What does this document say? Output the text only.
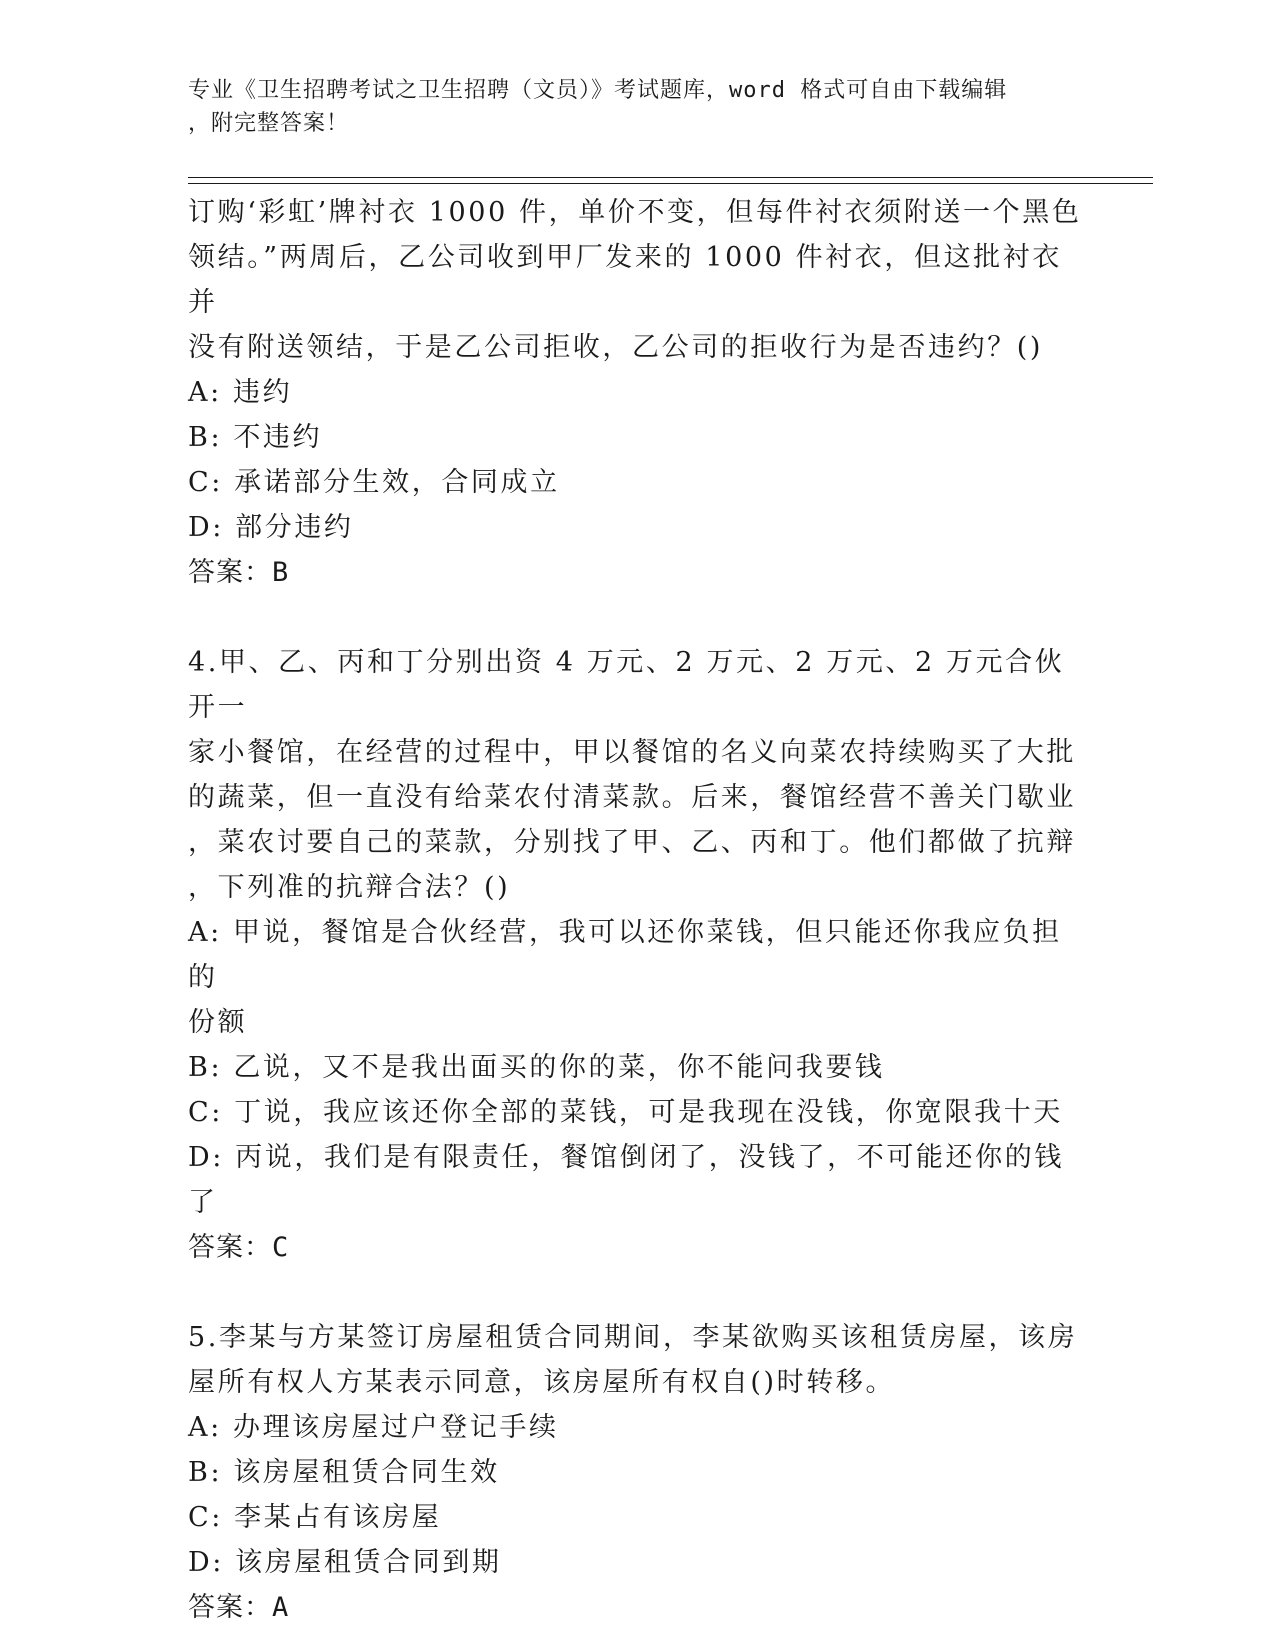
专业《卫生招聘考试之卫生招聘（文员）》考试题库，word 格式可自由下载编辑
，附完整答案！

订购‘彩虹’牌衬衣 1000 件，单价不变，但每件衬衣须附送一个黑色

领结。”两周后，乙公司收到甲厂发来的 1000 件衬衣，但这批衬衣并

没有附送领结，于是乙公司拒收，乙公司的拒收行为是否违约？()

A: 违约

B: 不违约

C: 承诺部分生效，合同成立

D: 部分违约

答案：B

4.甲、乙、丙和丁分别出资 4 万元、2 万元、2 万元、2 万元合伙开一

家小餐馆，在经营的过程中，甲以餐馆的名义向菜农持续购买了大批

的蔬菜，但一直没有给菜农付清菜款。后来，餐馆经营不善关门歇业

，菜农讨要自己的菜款，分别找了甲、乙、丙和丁。他们都做了抗辩

，下列准的抗辩合法？()

A: 甲说，餐馆是合伙经营，我可以还你菜钱，但只能还你我应负担的

份额

B: 乙说，又不是我出面买的你的菜，你不能问我要钱

C: 丁说，我应该还你全部的菜钱，可是我现在没钱，你宽限我十天

D: 丙说，我们是有限责任，餐馆倒闭了，没钱了，不可能还你的钱了

答案：C

5.李某与方某签订房屋租赁合同期间，李某欲购买该租赁房屋，该房

屋所有权人方某表示同意，该房屋所有权自()时转移。

A: 办理该房屋过户登记手续

B: 该房屋租赁合同生效

C: 李某占有该房屋

D: 该房屋租赁合同到期

答案：A
